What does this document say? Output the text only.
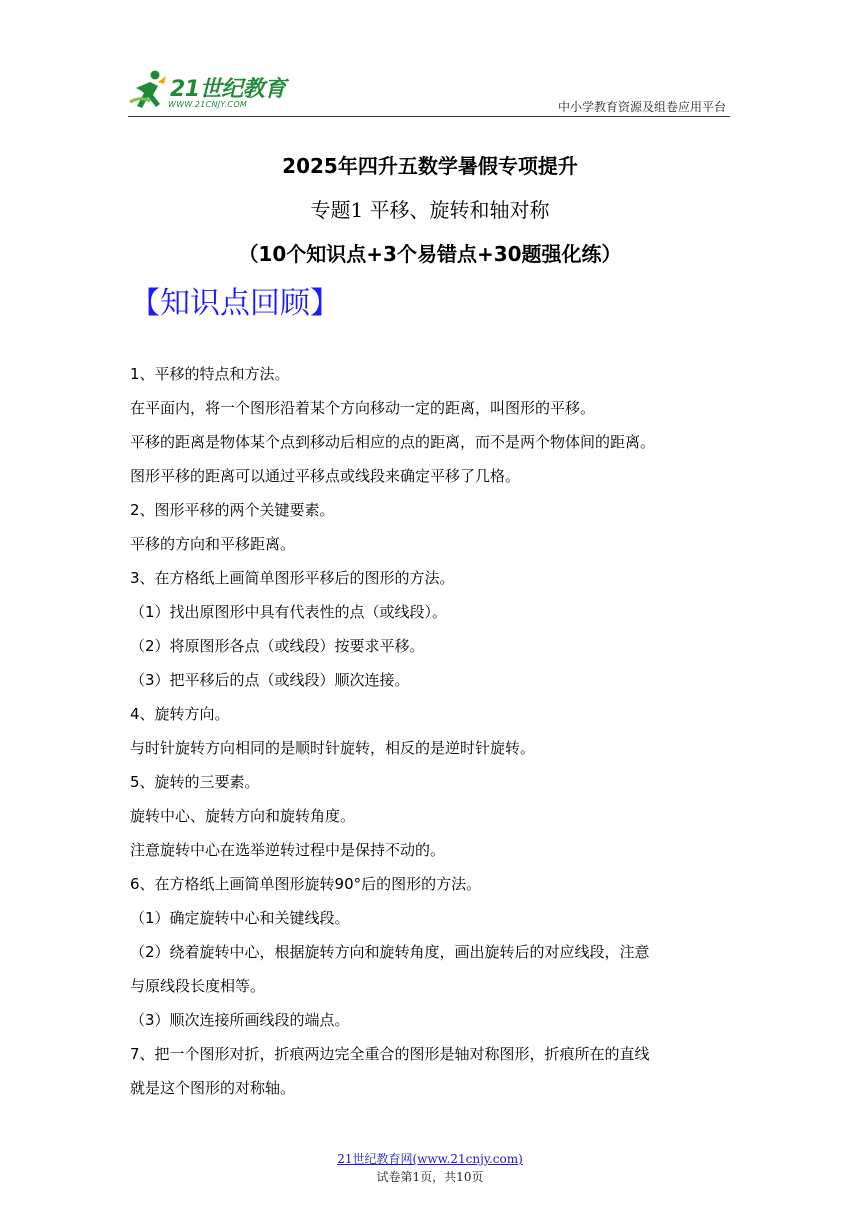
21世纪教育
WWW.21CNJY.COM	中小学教育资源及组卷应用平台
2025年四升五数学暑假专项提升
专题1 平移、旋转和轴对称
（10个知识点+3个易错点+30题强化练）
【知识点回顾】
1、平移的特点和方法。
在平面内，将一个图形沿着某个方向移动一定的距离，叫图形的平移。
平移的距离是物体某个点到移动后相应的点的距离，而不是两个物体间的距离。
图形平移的距离可以通过平移点或线段来确定平移了几格。
2、图形平移的两个关键要素。
平移的方向和平移距离。
3、在方格纸上画简单图形平移后的图形的方法。
（1）找出原图形中具有代表性的点（或线段）。
（2）将原图形各点（或线段）按要求平移。
（3）把平移后的点（或线段）顺次连接。
4、旋转方向。
与时针旋转方向相同的是顺时针旋转，相反的是逆时针旋转。
5、旋转的三要素。
旋转中心、旋转方向和旋转角度。
注意旋转中心在选举逆转过程中是保持不动的。
6、在方格纸上画简单图形旋转90°后的图形的方法。
（1）确定旋转中心和关键线段。
（2）绕着旋转中心，根据旋转方向和旋转角度，画出旋转后的对应线段，注意
与原线段长度相等。
（3）顺次连接所画线段的端点。
7、把一个图形对折，折痕两边完全重合的图形是轴对称图形，折痕所在的直线
就是这个图形的对称轴。
21世纪教育网(www.21cnjy.com)
试卷第1页，共10页
